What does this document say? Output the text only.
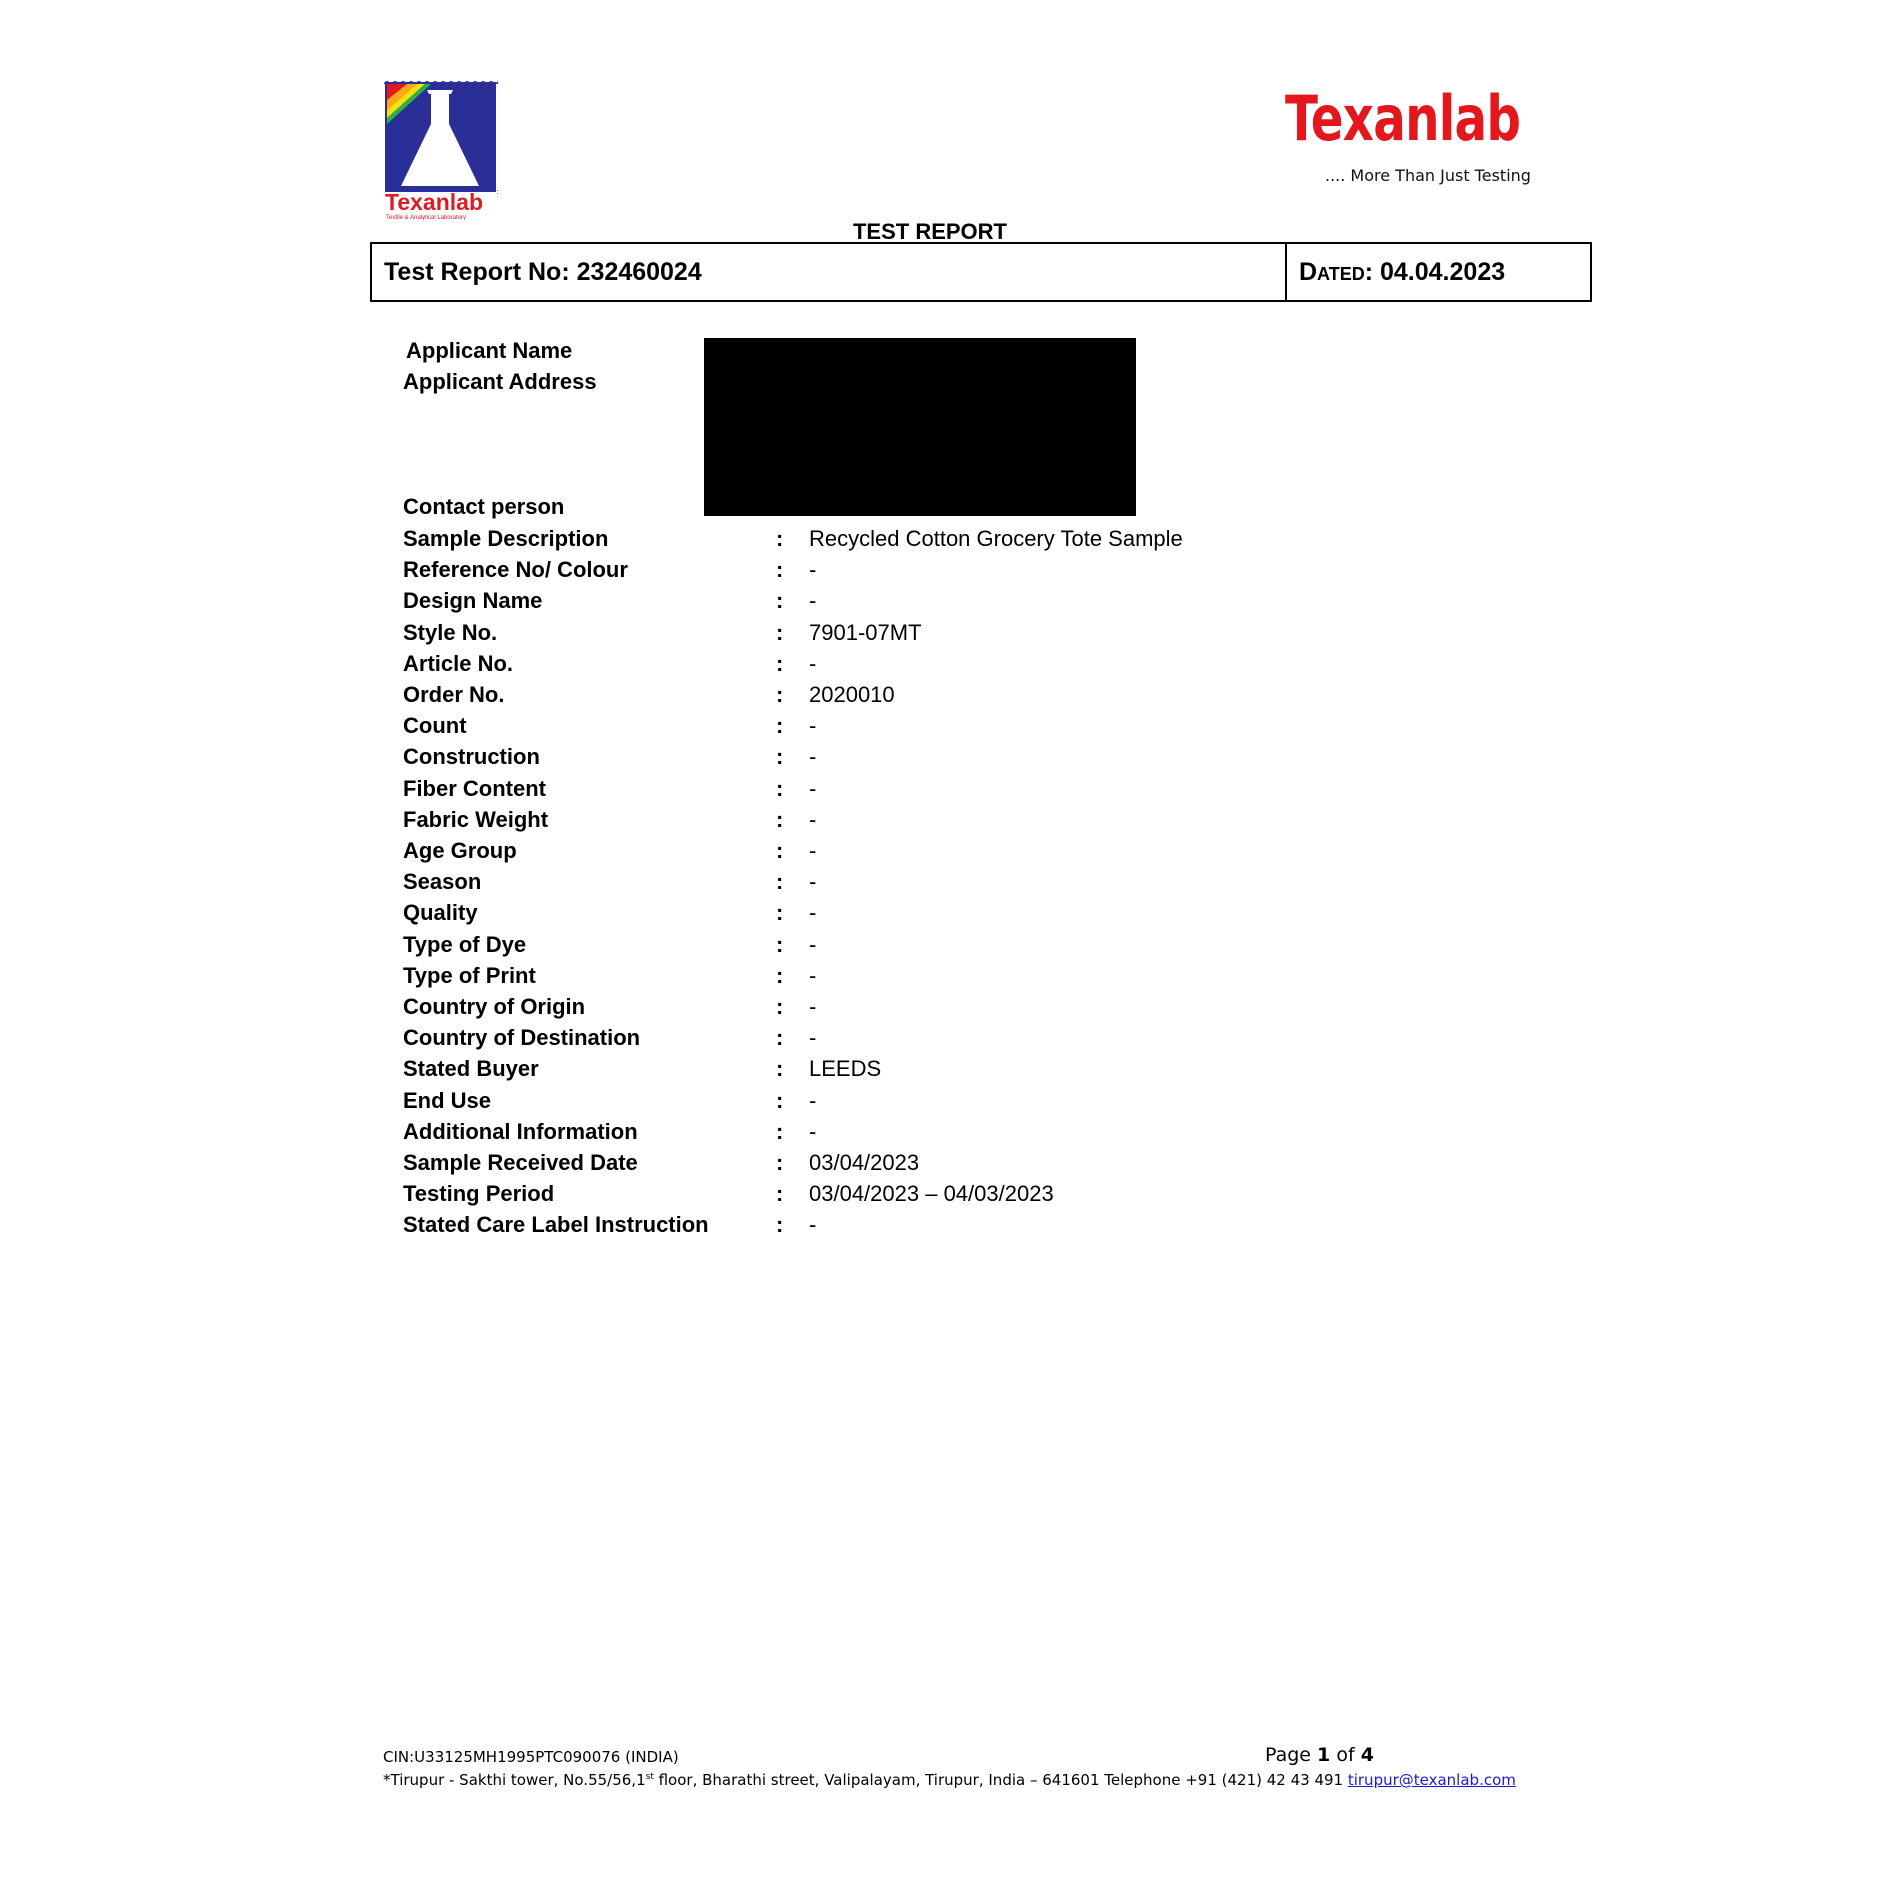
Texanlab
Textile & Analytical Laboratory
Texanlab
.... More Than Just Testing
TEST REPORT
Test Report No:
232460024	Dated:
04.04.2023
Applicant Name
Applicant Address
Contact person
Sample Description	: Recycled Cotton Grocery Tote Sample
Reference No/ Colour	: -
Design Name	: -
Style No.	: 7901-07MT
Article No.	: -
Order No.	: 2020010
Count	: -
Construction	: -
Fiber Content	: -
Fabric Weight	: -
Age Group	: -
Season	: -
Quality	: -
Type of Dye	: -
Type of Print	: -
Country of Origin	: -
Country of Destination	: -
Stated Buyer	: LEEDS
End Use	: -
Additional Information	: -
Sample Received Date	: 03/04/2023
Testing Period	: 03/04/2023 – 04/03/2023
Stated Care Label Instruction	: -
CIN:U33125MH1995PTC090076 (INDIA)	Page 1 of 4
*Tirupur - Sakthi tower, No.55/56,1st floor, Bharathi street, Valipalayam, Tirupur, India – 641601 Telephone +91 (421) 42 43 491 tirupur@texanlab.com
